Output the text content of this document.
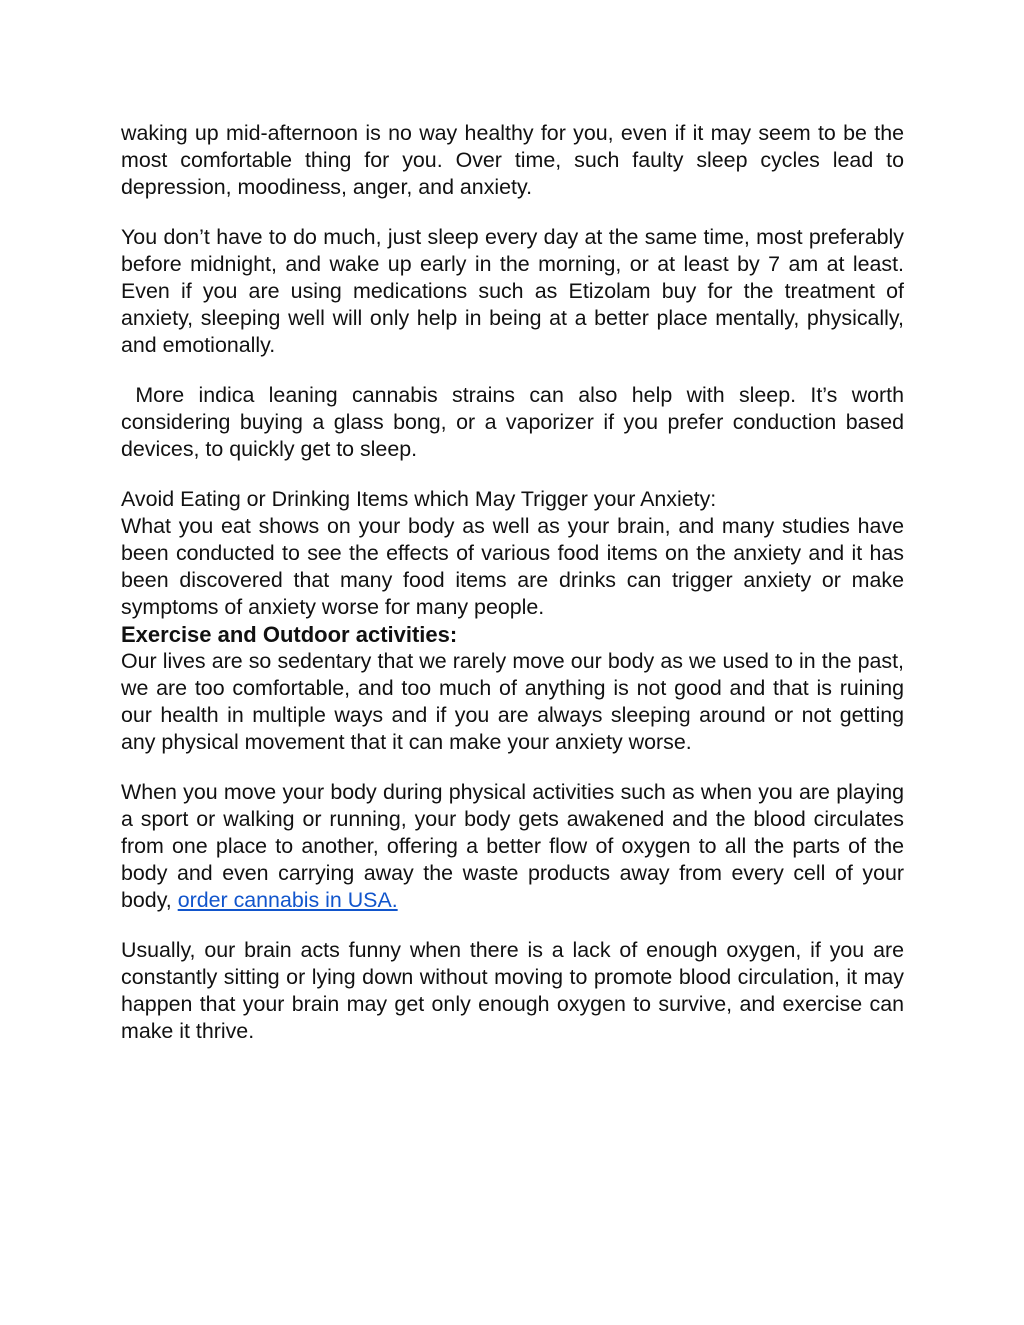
waking up mid-afternoon is no way healthy for you, even if it may seem to be the most comfortable thing for you. Over time, such faulty sleep cycles lead to depression, moodiness, anger, and anxiety.

You don’t have to do much, just sleep every day at the same time, most preferably before midnight, and wake up early in the morning, or at least by 7 am at least. Even if you are using medications such as Etizolam buy for the treatment of anxiety, sleeping well will only help in being at a better place mentally, physically, and emotionally.

More indica leaning cannabis strains can also help with sleep. It’s worth considering buying a glass bong, or a vaporizer if you prefer conduction based devices, to quickly get to sleep.

Avoid Eating or Drinking Items which May Trigger your Anxiety:

What you eat shows on your body as well as your brain, and many studies have been conducted to see the effects of various food items on the anxiety and it has been discovered that many food items are drinks can trigger anxiety or make symptoms of anxiety worse for many people.

Exercise and Outdoor activities:

Our lives are so sedentary that we rarely move our body as we used to in the past, we are too comfortable, and too much of anything is not good and that is ruining our health in multiple ways and if you are always sleeping around or not getting any physical movement that it can make your anxiety worse.

When you move your body during physical activities such as when you are playing a sport or walking or running, your body gets awakened and the blood circulates from one place to another, offering a better flow of oxygen to all the parts of the body and even carrying away the waste products away from every cell of your body, order cannabis in USA.

Usually, our brain acts funny when there is a lack of enough oxygen, if you are constantly sitting or lying down without moving to promote blood circulation, it may happen that your brain may get only enough oxygen to survive, and exercise can make it thrive.
